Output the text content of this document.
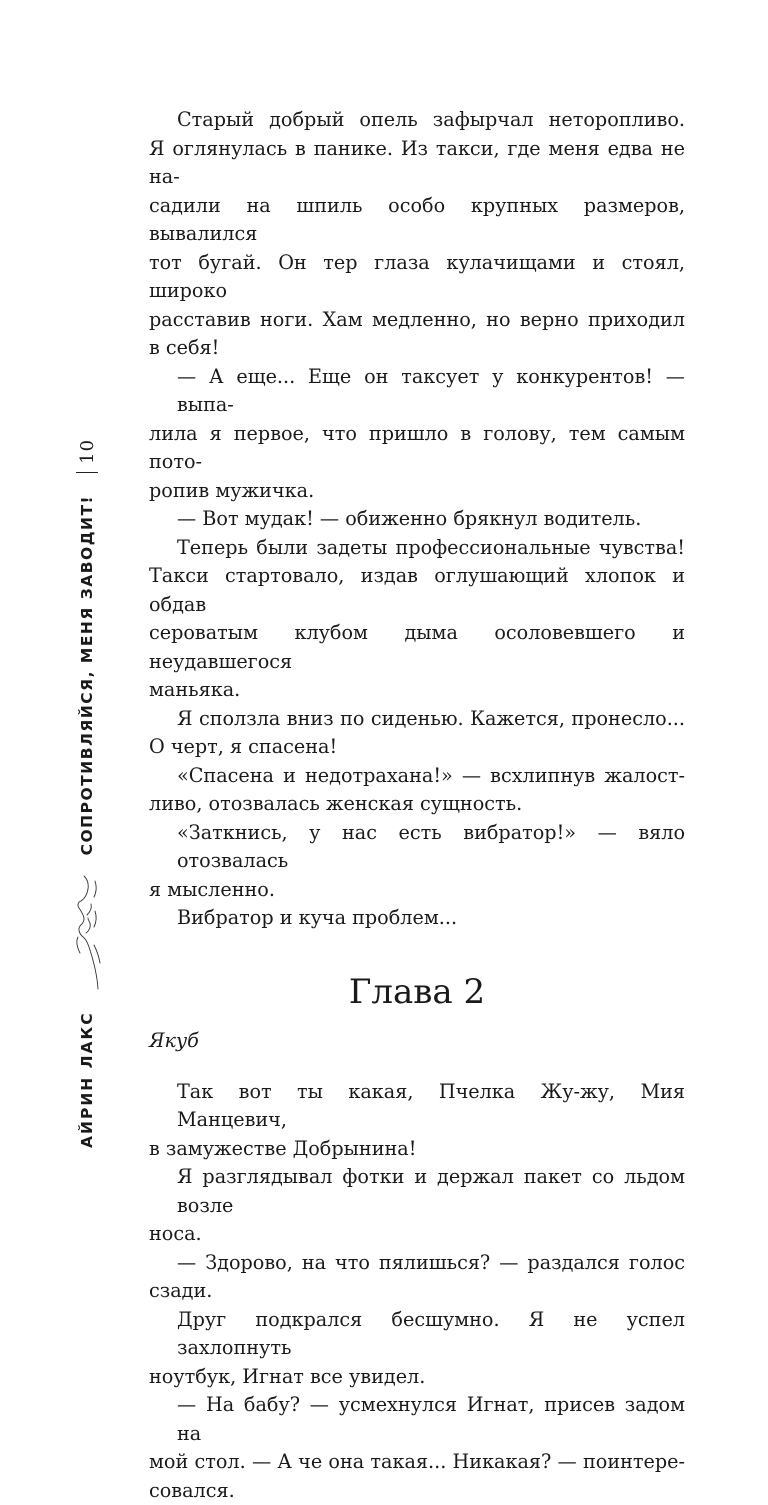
Старый добрый опель зафырчал неторопливо.
Я оглянулась в панике. Из такси, где меня едва не на-
садили на шпиль особо крупных размеров, вывалился
тот бугай. Он тер глаза кулачищами и стоял, широко
расставив ноги. Хам медленно, но верно приходил
в себя!
— А еще... Еще он таксует у конкурентов! — выпа-
лила я первое, что пришло в голову, тем самым пото-
ропив мужичка.
— Вот мудак! — обиженно брякнул водитель.
Теперь были задеты профессиональные чувства!
Такси стартовало, издав оглушающий хлопок и обдав
сероватым клубом дыма осоловевшего и неудавшегося
маньяка.
Я сползла вниз по сиденью. Кажется, пронесло...
О черт, я спасена!
«Спасена и недотрахана!» — всхлипнув жалост-
ливо, отозвалась женская сущность.
«Заткнись, у нас есть вибратор!» — вяло отозвалась
я мысленно.
Вибратор и куча проблем...
Глава 2
Якуб
Так вот ты какая, Пчелка Жу-жу, Мия Манцевич,
в замужестве Добрынина!
Я разглядывал фотки и держал пакет со льдом возле
носа.
— Здорово, на что пялишься? — раздался голос
сзади.
Друг подкрался бесшумно. Я не успел захлопнуть
ноутбук, Игнат все увидел.
— На бабу? — усмехнулся Игнат, присев задом на
мой стол. — А че она такая... Никакая? — поинтере-
совался.
АЙРИН ЛАКС
СОПРОТИВЛЯЙСЯ, МЕНЯ ЗАВОДИТ!
10
